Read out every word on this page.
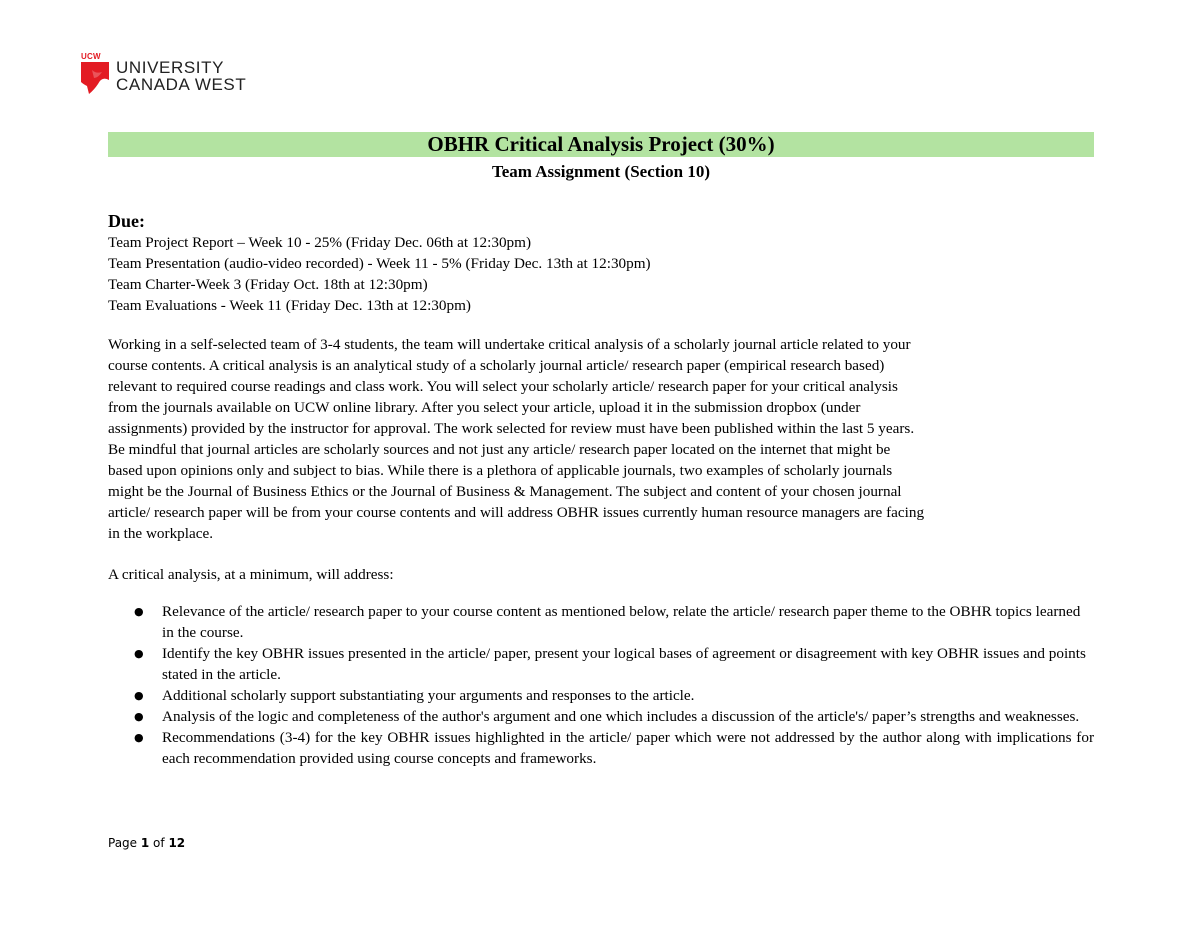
UCW
UNIVERSITY
CANADA WEST
OBHR Critical Analysis Project (30%)
Team Assignment (Section 10)

Due:

Team Project Report – Week 10 - 25% (Friday Dec. 06th at 12:30pm)

Team Presentation (audio-video recorded) - Week 11 - 5% (Friday Dec. 13th at 12:30pm)

Team Charter-Week 3 (Friday Oct. 18th at 12:30pm)

Team Evaluations - Week 11 (Friday Dec. 13th at 12:30pm)

Working in a self-selected team of 3-4 students, the team will undertake critical analysis of a scholarly journal article related to your
course contents. A critical analysis is an analytical study of a scholarly journal article/ research paper (empirical research based)
relevant to required course readings and class work. You will select your scholarly article/ research paper for your critical analysis
from the journals available on UCW online library. After you select your article, upload it in the submission dropbox (under
assignments) provided by the instructor for approval. The work selected for review must have been published within the last 5 years.
Be mindful that journal articles are scholarly sources and not just any article/ research paper located on the internet that might be
based upon opinions only and subject to bias. While there is a plethora of applicable journals, two examples of scholarly journals
might be the Journal of Business Ethics or the Journal of Business & Management. The subject and content of your chosen journal
article/ research paper will be from your course contents and will address OBHR issues currently human resource managers are facing
in the workplace.

A critical analysis, at a minimum, will address:

● Relevance of the article/ research paper to your course content as mentioned below, relate the article/ research paper theme to the OBHR topics learned in the course.
● Identify the key OBHR issues presented in the article/ paper, present your logical bases of agreement or disagreement with key OBHR issues and points stated in the article.
● Additional scholarly support substantiating your arguments and responses to the article.
● Analysis of the logic and completeness of the author's argument and one which includes a discussion of the article's/ paper’s strengths and weaknesses.
● Recommendations (3-4) for the key OBHR issues highlighted in the article/ paper which were not addressed by the author along with implications for each recommendation provided using course concepts and frameworks.
Page 1 of 12
